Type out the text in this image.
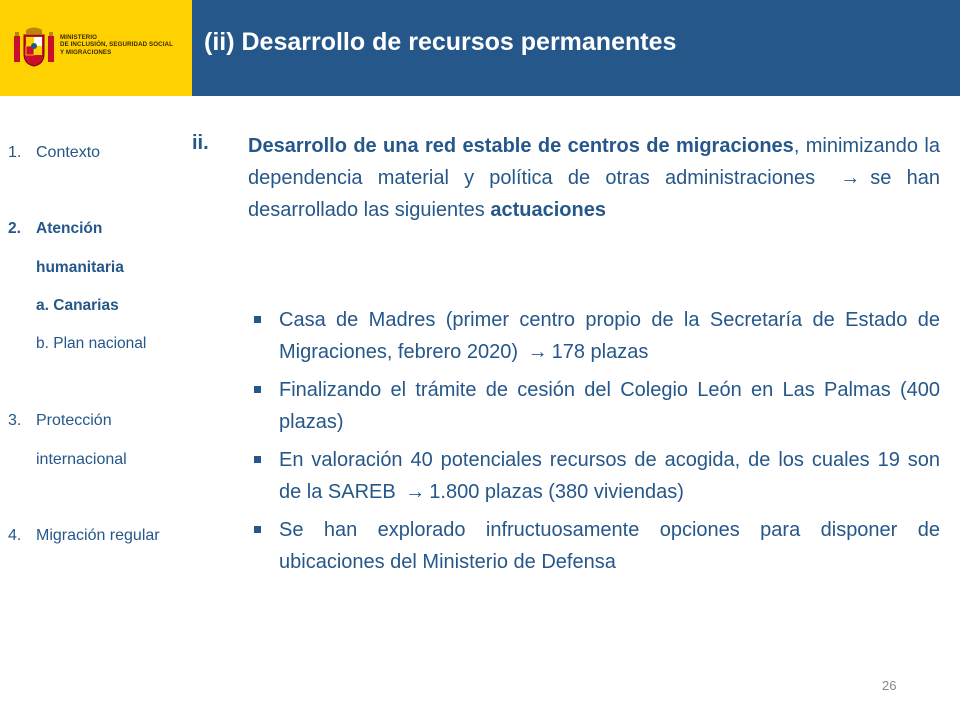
MINISTERIO
DE INCLUSIÓN, SEGURIDAD SOCIAL
Y MIGRACIONES	(ii) Desarrollo de recursos permanentes
1. Contexto
2. Atención
humanitaria
a. Canarias
b. Plan nacional
3. Protección
internacional
4. Migración regular
ii. Desarrollo de una red estable de centros de migraciones, minimizando la dependencia material y política de otras administraciones → se han desarrollado las siguientes actuaciones
Casa de Madres (primer centro propio de la Secretaría de Estado de Migraciones, febrero 2020) → 178 plazas
Finalizando el trámite de cesión del Colegio León en Las Palmas (400 plazas)
En valoración 40 potenciales recursos de acogida, de los cuales 19 son de la SAREB → 1.800 plazas (380 viviendas)
Se han explorado infructuosamente opciones para disponer de ubicaciones del Ministerio de Defensa
26
